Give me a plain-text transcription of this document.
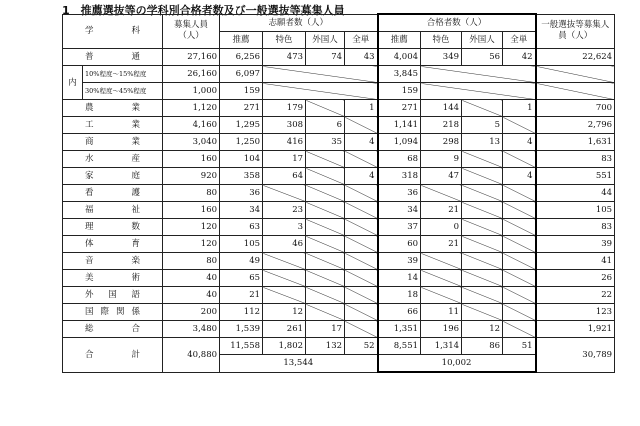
1　推薦選抜等の学科別合格者数及び一般選抜等募集人員
学　　科		募集人員（人）	志願者数（人）				合格者数（人）				一般選抜等募集人員（人）
			推薦	特色	外国人	全単	推薦	特色	外国人	全単	
普　　通		27,160	6,256	473	74	43	4,004	349	56	42	22,624
内	10%程度〜15%程度	26,160	6,097				3,845				
	30%程度〜45%程度	1,000	159				159				
農　　業		1,120	271	179		1	271	144		1	700
工　　業		4,160	1,295	308	6		1,141	218	5		2,796
商　　業		3,040	1,250	416	35	4	1,094	298	13	4	1,631
水　　産		160	104	17			68	9			83
家　　庭		920	358	64		4	318	47		4	551
看　　護		80	36				36				44
福　　祉		160	34	23			34	21			105
理　　数		120	63	3			37	0			83
体　　育		120	105	46			60	21			39
音　　楽		80	49				39				41
美　　術		40	65				14				26
外　国　語		40	21				18				22
国際関係		200	112	12			66	11			123
総　　合		3,480	1,539	261	17		1,351	196	12		1,921
合　　計		40,880	11,558	1,802	132	52	8,551	1,314	86	51	30,789
			13,544				10,002				
